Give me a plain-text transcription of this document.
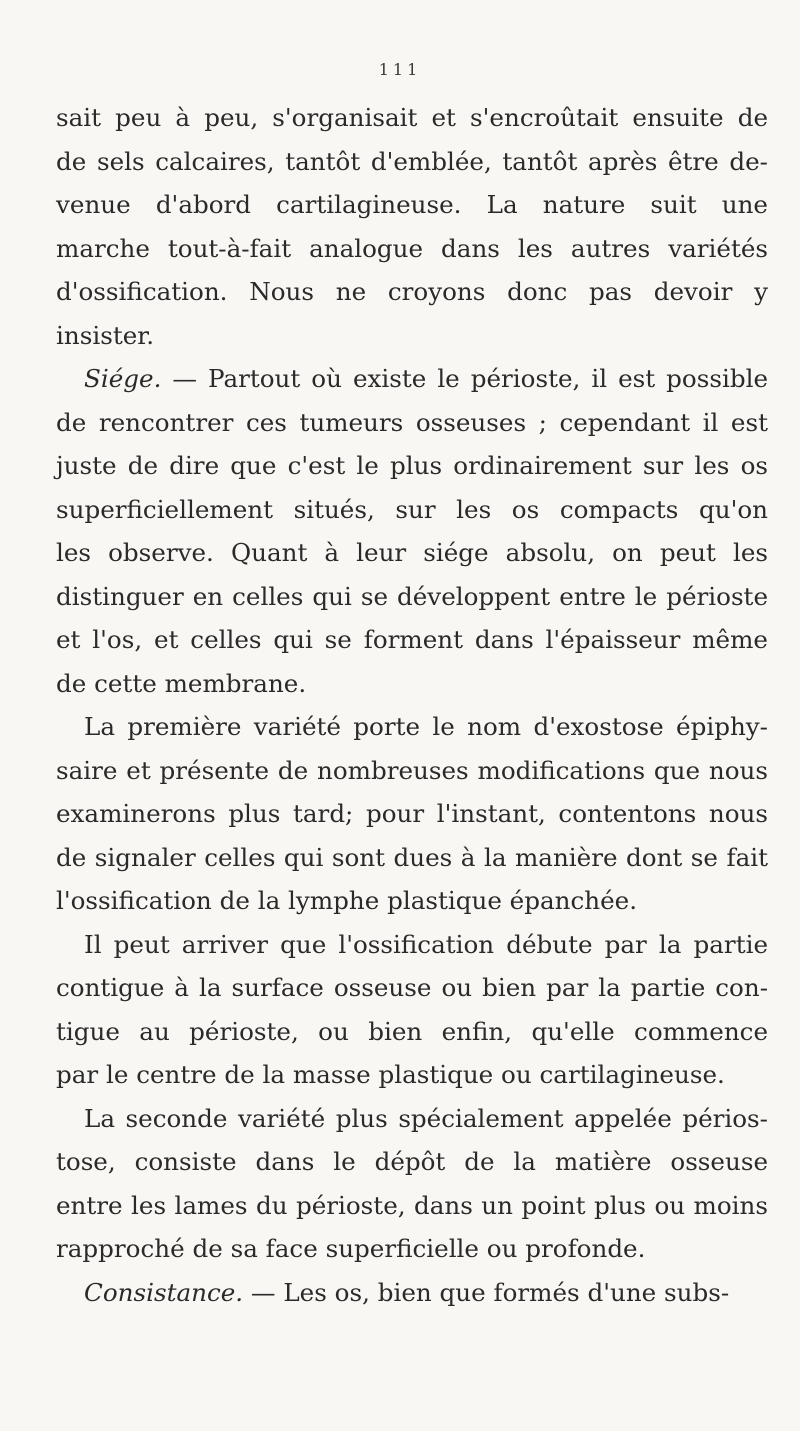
111
sait peu à peu, s'organisait et s'encroûtait ensuite de
de sels calcaires, tantôt d'emblée, tantôt après être de-
venue d'abord cartilagineuse. La nature suit une
marche tout-à-fait analogue dans les autres variétés
d'ossification. Nous ne croyons donc pas devoir y
insister.
Siége. — Partout où existe le périoste, il est possible
de rencontrer ces tumeurs osseuses ; cependant il est
juste de dire que c'est le plus ordinairement sur les os
superficiellement situés, sur les os compacts qu'on
les observe. Quant à leur siége absolu, on peut les
distinguer en celles qui se développent entre le périoste
et l'os, et celles qui se forment dans l'épaisseur même
de cette membrane.
La première variété porte le nom d'exostose épiphy-
saire et présente de nombreuses modifications que nous
examinerons plus tard; pour l'instant, contentons nous
de signaler celles qui sont dues à la manière dont se fait
l'ossification de la lymphe plastique épanchée.
Il peut arriver que l'ossification débute par la partie
contigue à la surface osseuse ou bien par la partie con-
tigue au périoste, ou bien enfin, qu'elle commence
par le centre de la masse plastique ou cartilagineuse.
La seconde variété plus spécialement appelée périos-
tose, consiste dans le dépôt de la matière osseuse
entre les lames du périoste, dans un point plus ou moins
rapproché de sa face superficielle ou profonde.
Consistance. — Les os, bien que formés d'une subs-
